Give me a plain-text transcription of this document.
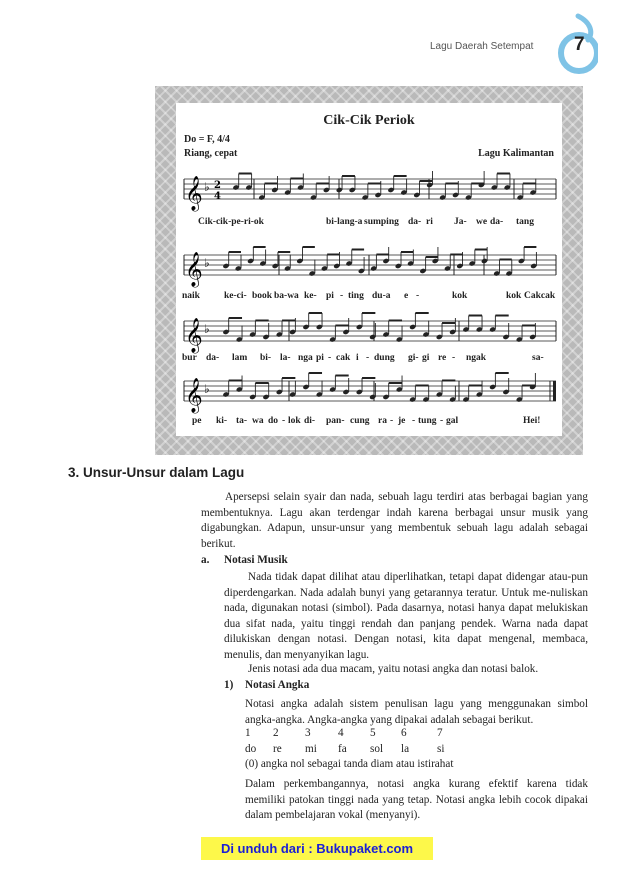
Lagu Daerah Setempat 7
Cik-Cik Periok
Do = F, 4/4
Riang, cepat	Lagu Kalimantan
𝄞 ♭ 2
4
Cik-cik-pe-ri-ok	bi-lang-a sumping da- ri Ja- we da- tang
𝄞 ♭
naik	ke-ci- book ba-wa ke- pi - ting du-a e -	kok	kok Cakcak
𝄞 ♭
bur da- lam bi- la- nga pi - cak i - dung gi- gi re - ngak	sa-
𝄞 ♭
pe ki- ta- wa do - lok di- pan- cung ra - je - tung - gal	Hei!
3. Unsur-Unsur dalam Lagu
Apersepsi selain syair dan nada, sebuah lagu terdiri atas berbagai bagian yang membentuknya. Lagu akan terdengar indah karena berbagai unsur musik yang digabungkan. Adapun, unsur-unsur yang membentuk sebuah lagu adalah sebagai berikut.
a. Notasi Musik
Nada tidak dapat dilihat atau diperlihatkan, tetapi dapat didengar atau-pun diperdengarkan. Nada adalah bunyi yang getarannya teratur. Untuk me-nuliskan nada, digunakan notasi (simbol). Pada dasarnya, notasi hanya dapat melukiskan dua sifat nada, yaitu tinggi rendah dan panjang pendek. Warna nada dapat dilukiskan dengan notasi. Dengan notasi, kita dapat mengenal, membaca, menulis, dan menyanyikan lagu.
Jenis notasi ada dua macam, yaitu notasi angka dan notasi balok.
1) Notasi Angka
Notasi angka adalah sistem penulisan lagu yang menggunakan simbol angka-angka. Angka-angka yang dipakai adalah sebagai berikut.
1 2 3 4 5 6	7
do re mi fa sol la si
(0) angka nol sebagai tanda diam atau istirahat
Dalam perkembangannya, notasi angka kurang efektif karena tidak memiliki patokan tinggi nada yang tetap. Notasi angka lebih cocok dipakai dalam pembelajaran vokal (menyanyi).
Di unduh dari : Bukupaket.com
